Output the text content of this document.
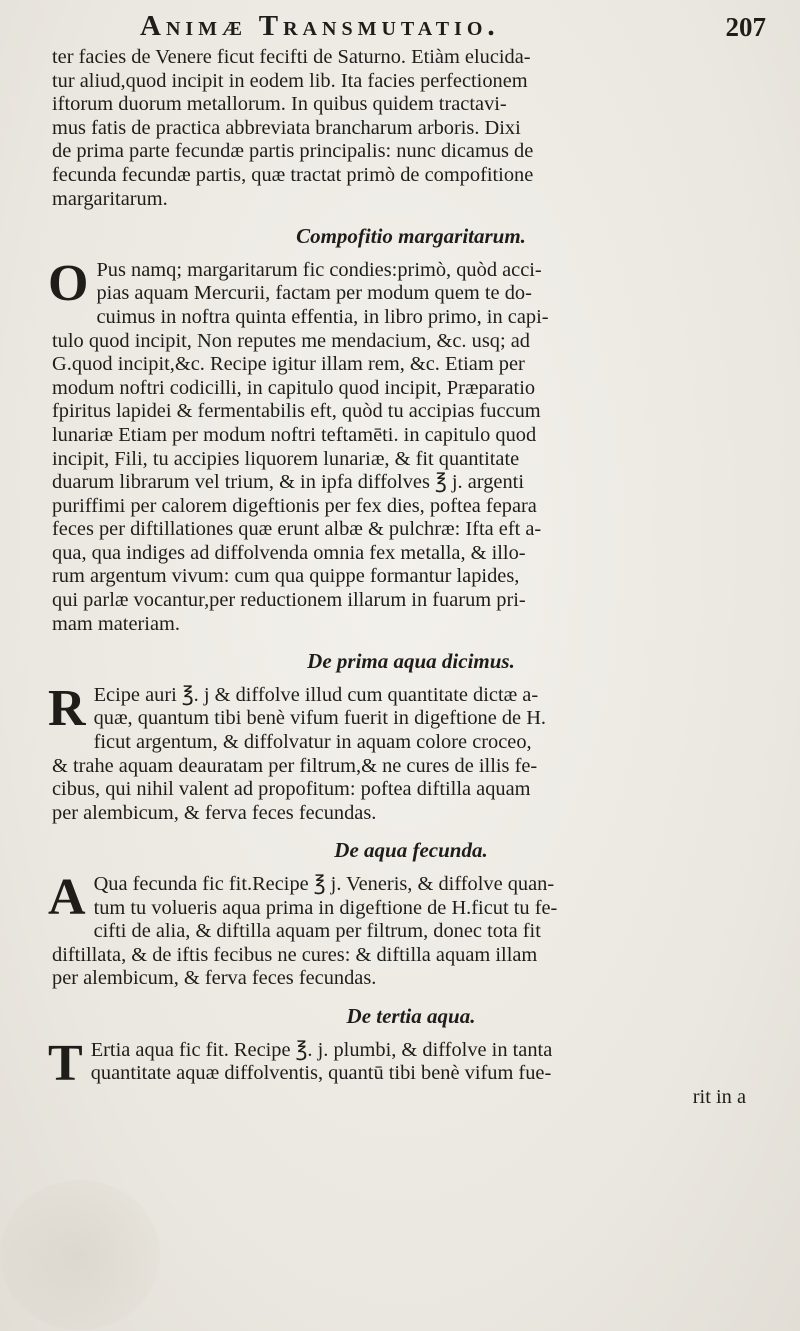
Animæ Transmutatio.	207
ter facies de Venere ficut fecifti de Saturno. Etiàm elucida-
tur aliud,quod incipit in eodem lib. Ita facies perfectionem
iftorum duorum metallorum. In quibus quidem tractavi-
mus fatis de practica abbreviata brancharum arboris. Dixi
de prima parte fecundæ partis principalis: nunc dicamus de
fecunda fecundæ partis, quæ tractat primò de compofitione
margaritarum.
Compofitio margaritarum.
O Pus namq; margaritarum fic condies:primò, quòd acci-
pias aquam Mercurii, factam per modum quem te do-
cuimus in noftra quinta effentia, in libro primo, in capi-
tulo quod incipit, Non reputes me mendacium, &c. usq; ad
G.quod incipit,&c. Recipe igitur illam rem, &c. Etiam per
modum noftri codicilli, in capitulo quod incipit, Præparatio
fpiritus lapidei & fermentabilis eft, quòd tu accipias fuccum
lunariæ Etiam per modum noftri teftamēti. in capitulo quod
incipit, Fili, tu accipies liquorem lunariæ, & fit quantitate
duarum librarum vel trium, & in ipfa diffolves ℥ j. argenti
puriffimi per calorem digeftionis per fex dies, poftea fepara
feces per diftillationes quæ erunt albæ & pulchræ: Ifta eft a-
qua, qua indiges ad diffolvenda omnia fex metalla, & illo-
rum argentum vivum: cum qua quippe formantur lapides,
qui parlæ vocantur,per reductionem illarum in fuarum pri-
mam materiam.
De prima aqua dicimus.
R Ecipe auri ℥. j & diffolve illud cum quantitate dictæ a-
quæ, quantum tibi benè vifum fuerit in digeftione de H.
ficut argentum, & diffolvatur in aquam colore croceo,
& trahe aquam deauratam per filtrum,& ne cures de illis fe-
cibus, qui nihil valent ad propofitum: poftea diftilla aquam
per alembicum, & ferva feces fecundas.
De aqua fecunda.
A Qua fecunda fic fit.Recipe ℥ j. Veneris, & diffolve quan-
tum tu volueris aqua prima in digeftione de H.ficut tu fe-
cifti de alia, & diftilla aquam per filtrum, donec tota fit
diftillata, & de iftis fecibus ne cures: & diftilla aquam illam
per alembicum, & ferva feces fecundas.
De tertia aqua.
T Ertia aqua fic fit. Recipe ℥. j. plumbi, & diffolve in tanta
quantitate aquæ diffolventis, quantū tibi benè vifum fue-
rit in a
